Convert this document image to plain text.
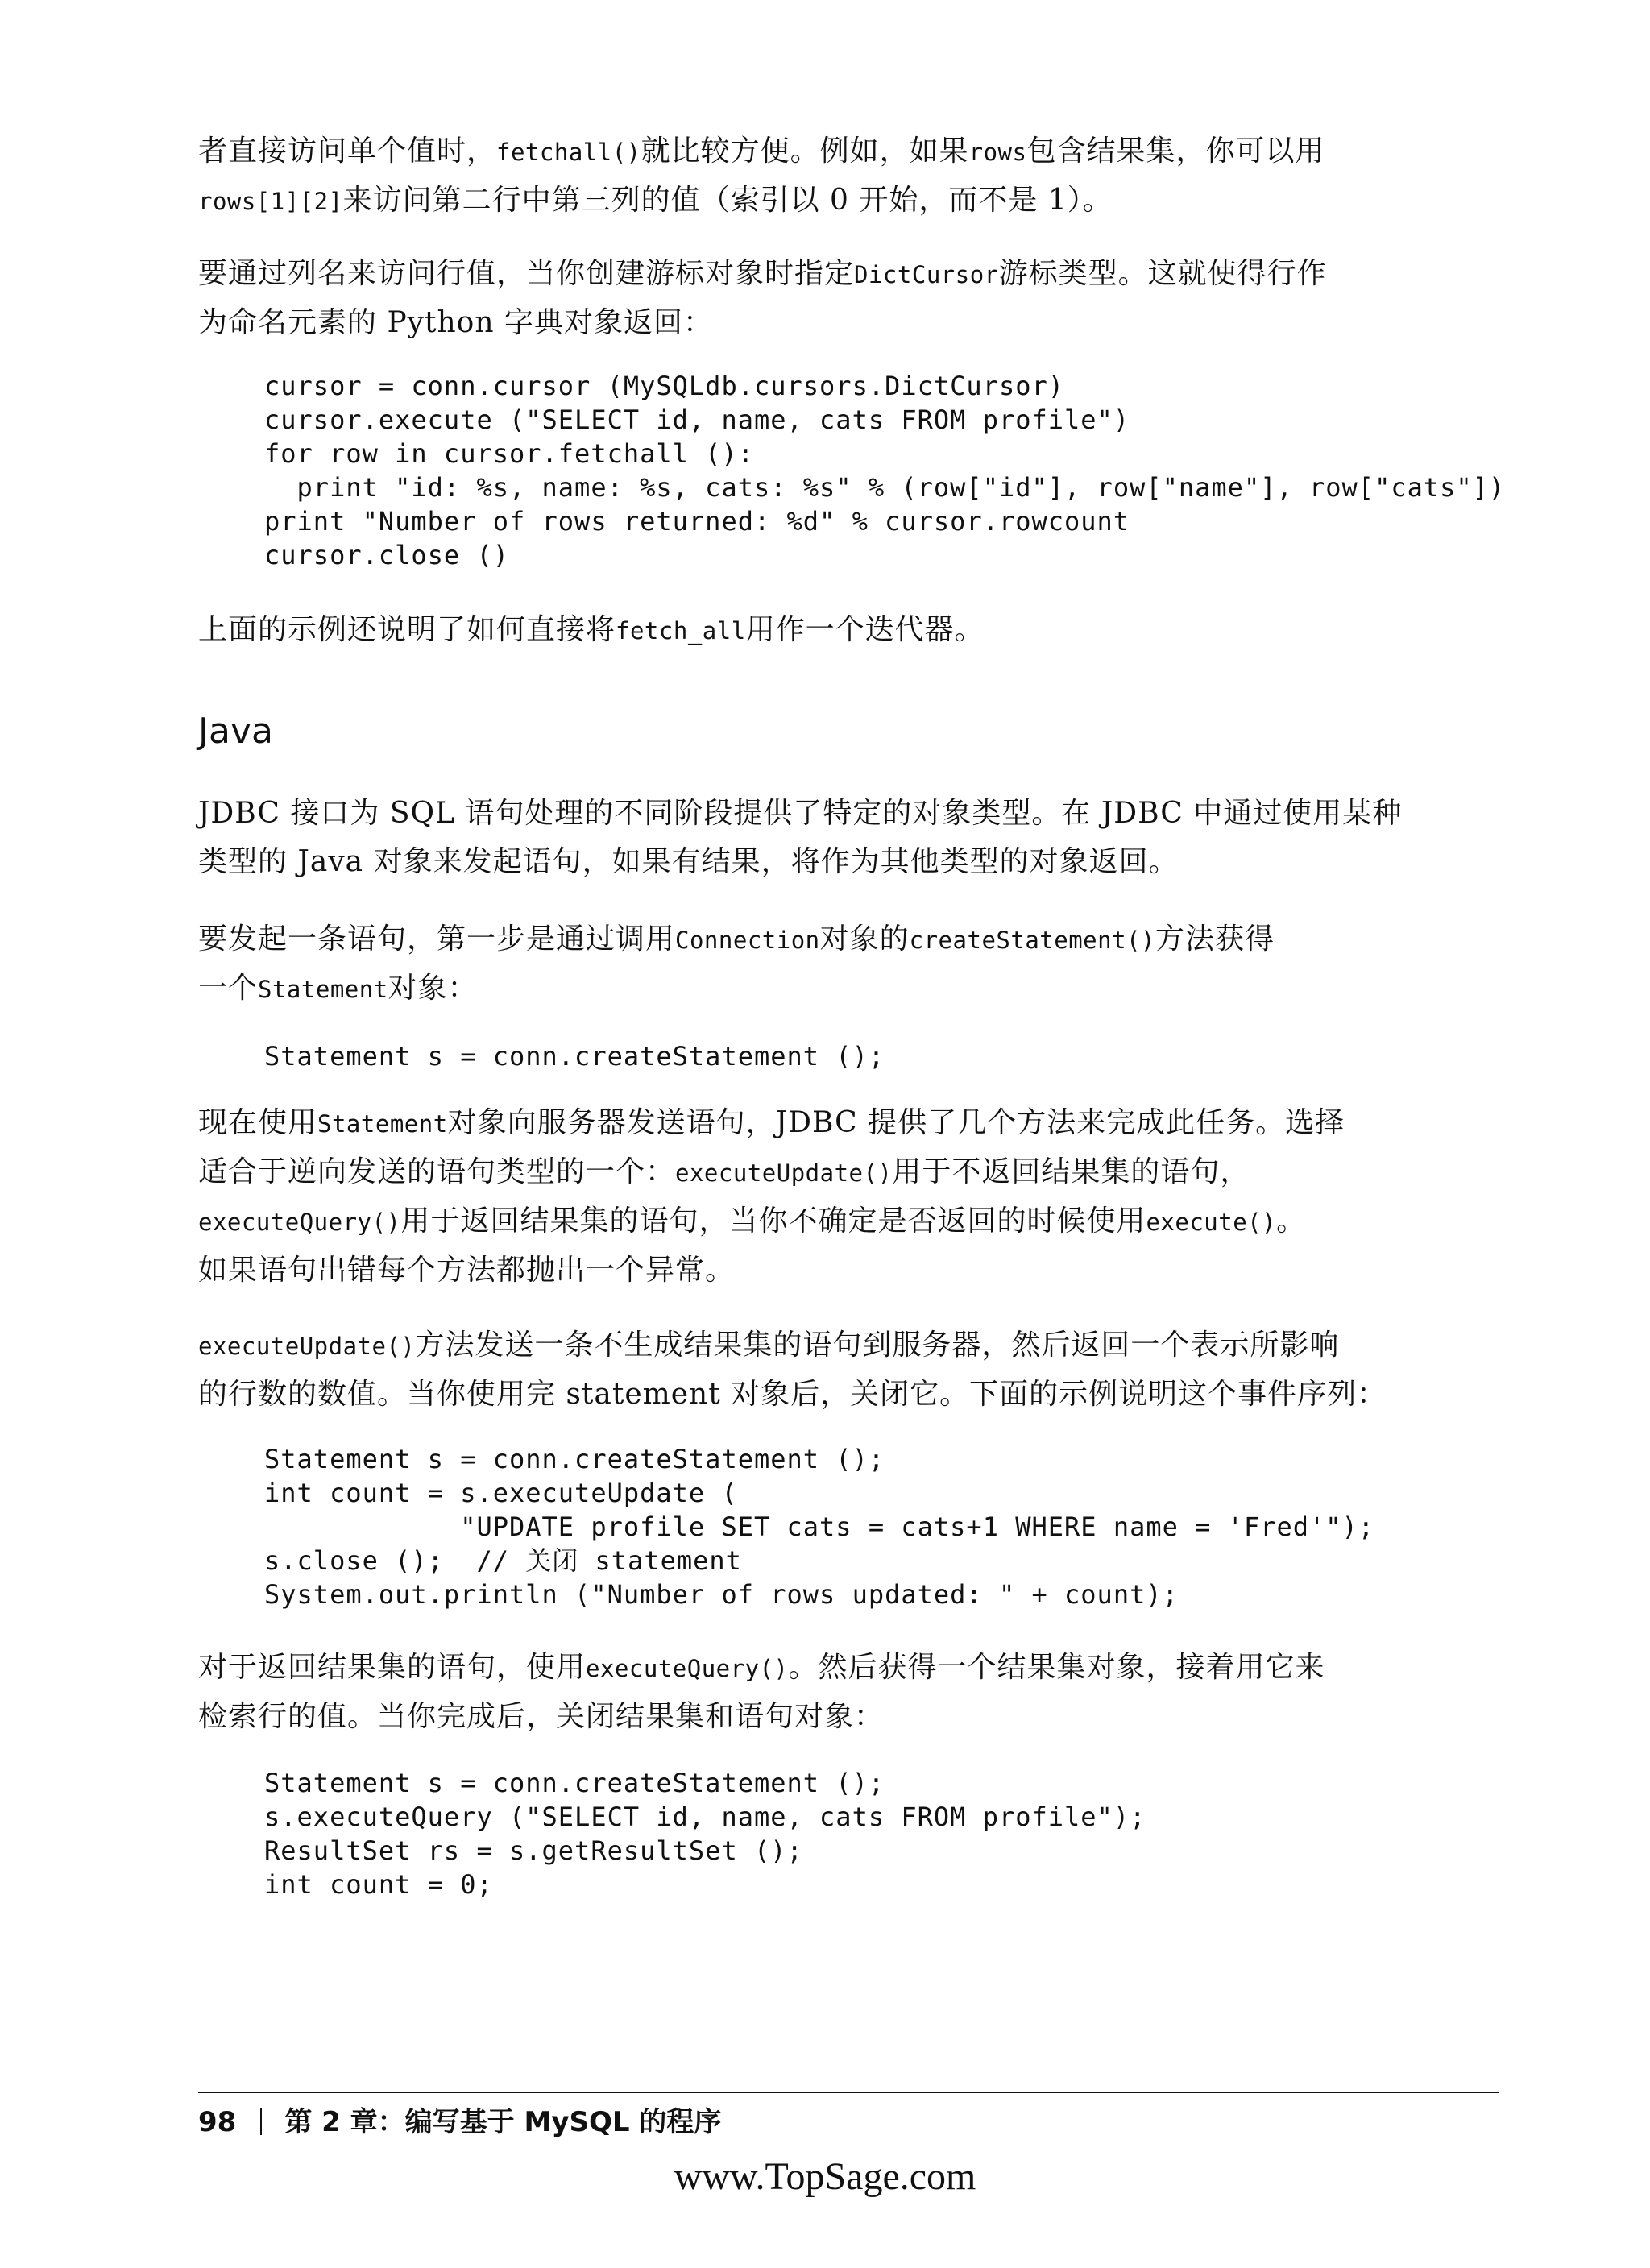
者直接访问单个值时，fetchall()就比较方便。例如，如果rows包含结果集，你可以用
rows[1][2]来访问第二行中第三列的值（索引以 0 开始，而不是 1）。
要通过列名来访问行值，当你创建游标对象时指定DictCursor游标类型。这就使得行作
为命名元素的 Python 字典对象返回：
cursor = conn.cursor (MySQLdb.cursors.DictCursor)
cursor.execute ("SELECT id, name, cats FROM profile")
for row in cursor.fetchall ():
print "id: %s, name: %s, cats: %s" % (row["id"], row["name"], row["cats"])
print "Number of rows returned: %d" % cursor.rowcount
cursor.close ()
上面的示例还说明了如何直接将fetch_all用作一个迭代器。
Java
JDBC 接口为 SQL 语句处理的不同阶段提供了特定的对象类型。在 JDBC 中通过使用某种
类型的 Java 对象来发起语句，如果有结果，将作为其他类型的对象返回。
要发起一条语句，第一步是通过调用Connection对象的createStatement()方法获得
一个Statement对象：
Statement s = conn.createStatement ();
现在使用Statement对象向服务器发送语句，JDBC 提供了几个方法来完成此任务。选择
适合于逆向发送的语句类型的一个：executeUpdate()用于不返回结果集的语句，
executeQuery()用于返回结果集的语句，当你不确定是否返回的时候使用execute()。
如果语句出错每个方法都抛出一个异常。
executeUpdate()方法发送一条不生成结果集的语句到服务器，然后返回一个表示所影响
的行数的数值。当你使用完 statement 对象后，关闭它。下面的示例说明这个事件序列：
Statement s = conn.createStatement ();
int count = s.executeUpdate (
"UPDATE profile SET cats = cats+1 WHERE name = 'Fred'");
s.close ();  // 关闭 statement
System.out.println ("Number of rows updated: " + count);
对于返回结果集的语句，使用executeQuery()。然后获得一个结果集对象，接着用它来
检索行的值。当你完成后，关闭结果集和语句对象：
Statement s = conn.createStatement ();
s.executeQuery ("SELECT id, name, cats FROM profile");
ResultSet rs = s.getResultSet ();
int count = 0;
98 第 2 章：编写基于 MySQL 的程序
www.TopSage.com
